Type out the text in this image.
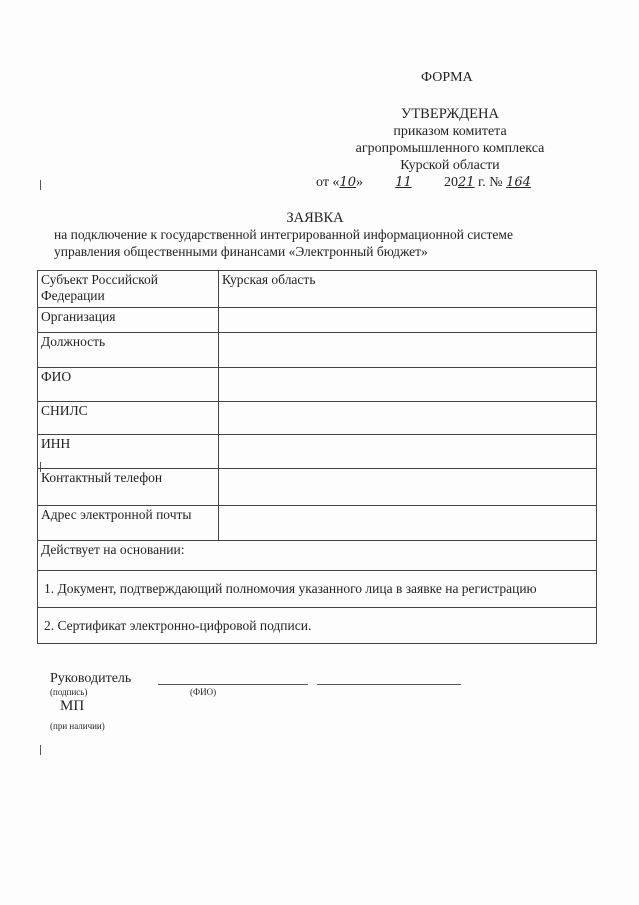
ФОРМА
УТВЕРЖДЕНА
приказом комитета
агропромышленного комплекса
Курской области
от «10» 11 2021 г. № 164
ЗАЯВКА
на подключение к государственной интегрированной информационной системе
управления общественными финансами «Электронный бюджет»
Субъект Российской Федерации	Курская область
Организация	
Должность	
ФИО	
СНИЛС	
ИНН	
Контактный телефон	
Адрес электронной почты	
Действует на основании:	
1. Документ, подтверждающий полномочия указанного лица в заявке на регистрацию	
2. Сертификат электронно-цифровой подписи.	
Руководитель
(подпись)	(ФИО)
МП
(при наличии)
